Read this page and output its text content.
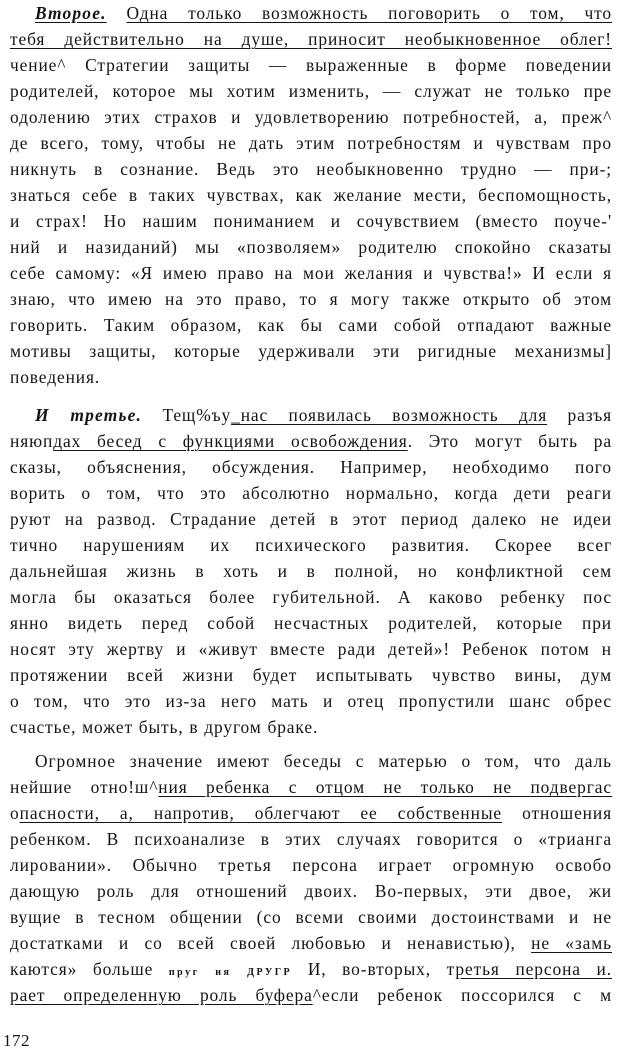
Второе. Одна только возможность поговорить о том, что
тебя действительно на душе, приносит необыкновенное облег!
чение^ Стратегии защиты — выраженные в форме поведении
родителей, которое мы хотим изменить, — служат не только пре
одолению этих страхов и удовлетворению потребностей, а, преж^
де всего, тому, чтобы не дать этим потребностям и чувствам про
никнуть в сознание. Ведь это необыкновенно трудно — при-;
знаться себе в таких чувствах, как желание мести, беспомощность,
и страх! Но нашим пониманием и сочувствием (вместо поуче-'
ний и назиданий) мы «позволяем» родителю спокойно сказаты
себе самому: «Я имею право на мои желания и чувства!» И если я
знаю, что имею на это право, то я могу также открыто об этом
говорить. Таким образом, как бы сами собой отпадают важные
мотивы защиты, которые удерживали эти ригидные механизмы]
поведения.
И третье. Тещ%ъу_нас появилась возможность для разъя
няюпдах бесед с функциями освобождения. Это могут быть ра
сказы, объяснения, обсуждения. Например, необходимо пого
ворить о том, что это абсолютно нормально, когда дети реаги
руют на развод. Страдание детей в этот период далеко не идеи
тично нарушениям их психического развития. Скорее всег
дальнейшая жизнь в хоть и в полной, но конфликтной сем
могла бы оказаться более губительной. А каково ребенку пос
янно видеть перед собой несчастных родителей, которые при
носят эту жертву и «живут вместе ради детей»! Ребенок потом н
протяжении всей жизни будет испытывать чувство вины, дум
о том, что это из-за него мать и отец пропустили шанс обрес
счастье, может быть, в другом браке.
Огромное значение имеют беседы с матерью о том, что даль
нейшие отно!ш^ния ребенка с отцом не только не подвергас
опасности, а, напротив, облегчают ее собственные отношения
ребенком. В психоанализе в этих случаях говорится о «трианга
лировании». Обычно третья персона играет огромную освобо
дающую роль для отношений двоих. Во-первых, эти двое, жи
вущие в тесном общении (со всеми своими достоинствами и не
достатками и со всей своей любовью и ненавистью), не «замь
каются» больше пруг ня ДРУГР И, во-вторых, третья персона и.
рает определенную роль буфера^если ребенок поссорился с м
172
